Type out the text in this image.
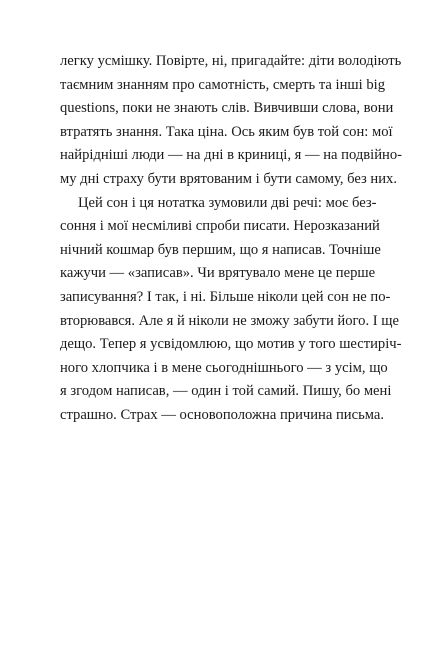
легку усмішку. Повірте, ні, пригадайте: діти володіють
таємним знанням про самотність, смерть та інші big
questions, поки не знають слів. Вивчивши слова, вони
втратять знання. Така ціна. Ось яким був той сон: мої
найрідніші люди — на дні в криниці, я — на подвійно-
му дні страху бути врятованим і бути самому, без них.
Цей сон і ця нотатка зумовили дві речі: моє без-
соння і мої несміливі спроби писати. Нерозказаний
нічний кошмар був першим, що я написав. Точніше
кажучи — «записав». Чи врятувало мене це перше
записування? І так, і ні. Більше ніколи цей сон не по-
вторювався. Але я й ніколи не зможу забути його. І ще
дещо. Тепер я усвідомлюю, що мотив у того шестиріч-
ного хлопчика і в мене сьогоднішнього — з усім, що
я згодом написав, — один і той самий. Пишу, бо мені
страшно. Страх — основоположна причина письма.
